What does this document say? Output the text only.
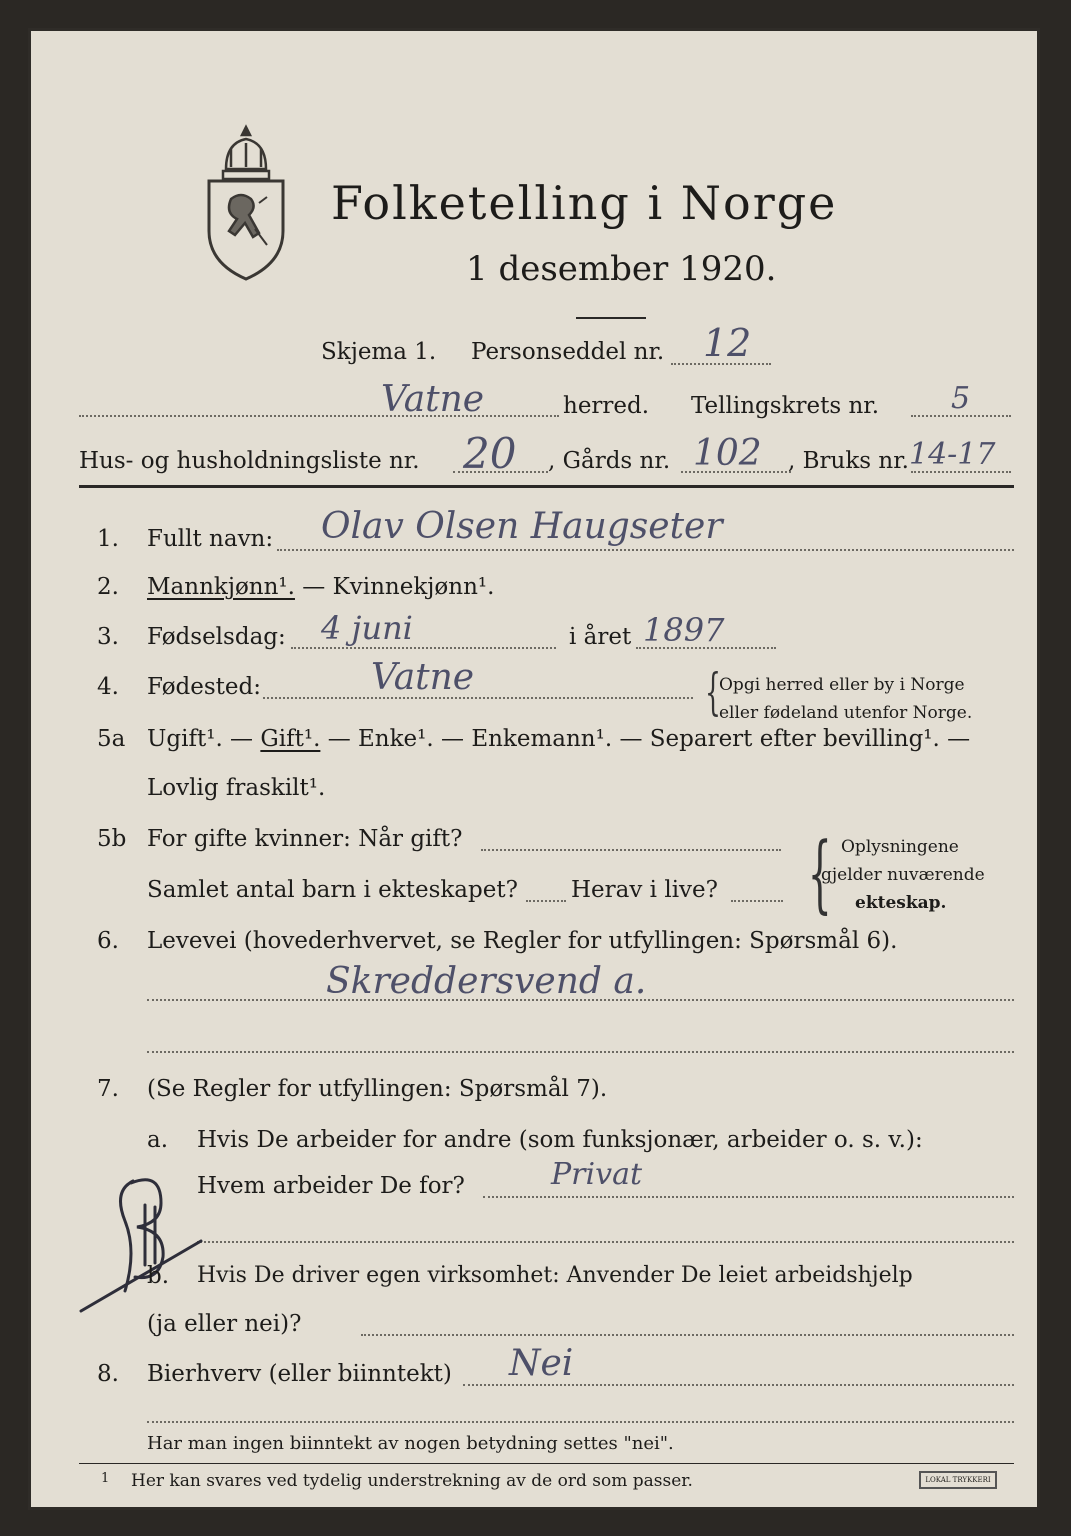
Folketelling i Norge
1 desember 1920.
Skjema 1. Personseddel nr. 12
Vatne	herred. Tellingskrets nr. 5
Hus- og husholdningsliste nr. 20 , Gårds nr. 102 , Bruks nr. 14-17
1. Fullt navn: Olav Olsen Haugseter
2. Mannkjønn¹. — Kvinnekjønn¹.
3. Fødselsdag: 4 juni	i året 1897
4. Fødested:	Vatne	{
Opgi herred eller by i Norge
eller fødeland utenfor Norge.
5a Ugift¹. — Gift¹. — Enke¹. — Enkemann¹. — Separert efter bevilling¹. —
Lovlig fraskilt¹.
5b For gifte kvinner: Når gift?
Samlet antal barn i ekteskapet? Herav i live? { Oplysningene
gjelder nuværende
ekteskap.
6. Levevei (hovederhvervet, se Regler for utfyllingen: Spørsmål 6).
Skreddersvend a.
7. (Se Regler for utfyllingen: Spørsmål 7).
a. Hvis De arbeider for andre (som funksjonær, arbeider o. s. v.):
Hvem arbeider De for?	Privat
b. Hvis De driver egen virksomhet: Anvender De leiet arbeidshjelp
(ja eller nei)?
8. Bierhverv (eller biinntekt) Nei
Har man ingen biinntekt av nogen betydning settes "nei".
1 Her kan svares ved tydelig understrekning av de ord som passer.	LOKAL TRYKKERI
